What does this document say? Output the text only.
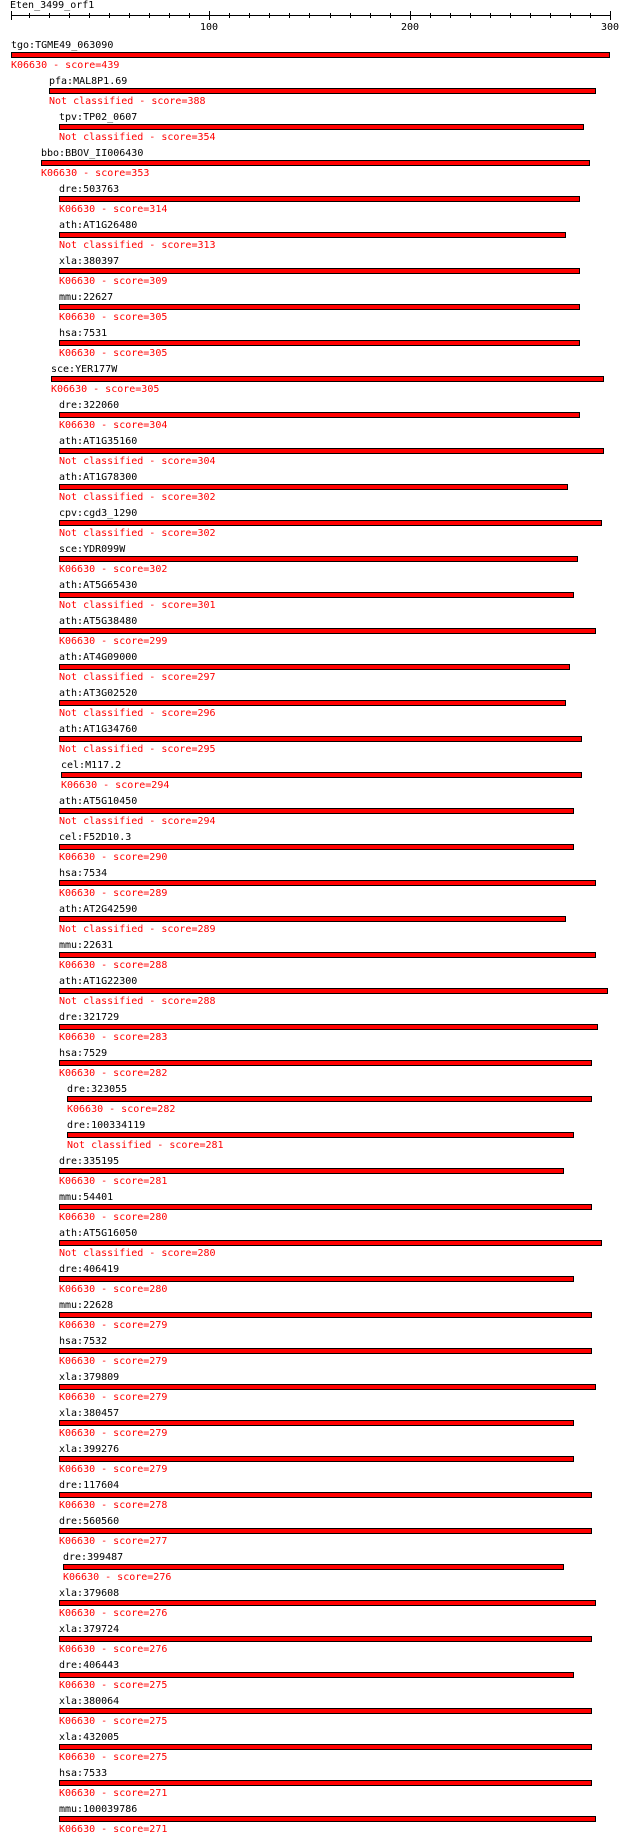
Eten_3499_orf1
100	200	300
tgo:TGME49_063090
K06630 - score=439
pfa:MAL8P1.69
Not classified - score=388
tpv:TP02_0607
Not classified - score=354
bbo:BBOV_II006430
K06630 - score=353
dre:503763
K06630 - score=314
ath:AT1G26480
Not classified - score=313
xla:380397
K06630 - score=309
mmu:22627
K06630 - score=305
hsa:7531
K06630 - score=305
sce:YER177W
K06630 - score=305
dre:322060
K06630 - score=304
ath:AT1G35160
Not classified - score=304
ath:AT1G78300
Not classified - score=302
cpv:cgd3_1290
Not classified - score=302
sce:YDR099W
K06630 - score=302
ath:AT5G65430
Not classified - score=301
ath:AT5G38480
K06630 - score=299
ath:AT4G09000
Not classified - score=297
ath:AT3G02520
Not classified - score=296
ath:AT1G34760
Not classified - score=295
cel:M117.2
K06630 - score=294
ath:AT5G10450
Not classified - score=294
cel:F52D10.3
K06630 - score=290
hsa:7534
K06630 - score=289
ath:AT2G42590
Not classified - score=289
mmu:22631
K06630 - score=288
ath:AT1G22300
Not classified - score=288
dre:321729
K06630 - score=283
hsa:7529
K06630 - score=282
dre:323055
K06630 - score=282
dre:100334119
Not classified - score=281
dre:335195
K06630 - score=281
mmu:54401
K06630 - score=280
ath:AT5G16050
Not classified - score=280
dre:406419
K06630 - score=280
mmu:22628
K06630 - score=279
hsa:7532
K06630 - score=279
xla:379809
K06630 - score=279
xla:380457
K06630 - score=279
xla:399276
K06630 - score=279
dre:117604
K06630 - score=278
dre:560560
K06630 - score=277
dre:399487
K06630 - score=276
xla:379608
K06630 - score=276
xla:379724
K06630 - score=276
dre:406443
K06630 - score=275
xla:380064
K06630 - score=275
xla:432005
K06630 - score=275
hsa:7533
K06630 - score=271
mmu:100039786
K06630 - score=271
